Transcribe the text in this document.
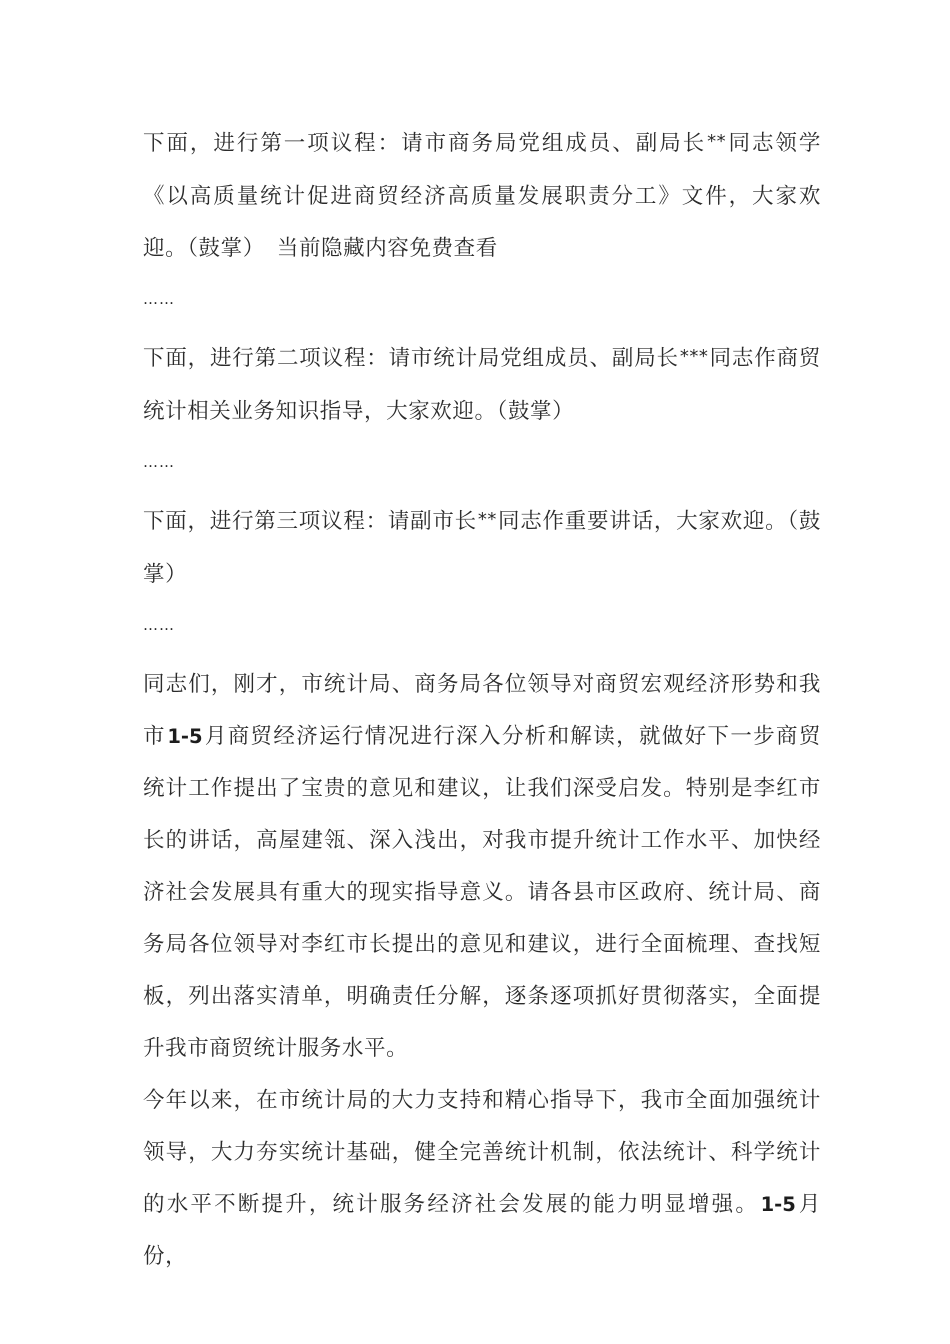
下面，进行第一项议程：请市商务局党组成员、副局长**同志领学《以高质量统计促进商贸经济高质量发展职责分工》文件，大家欢迎。（鼓掌） 当前隐藏内容免费查看

……

下面，进行第二项议程：请市统计局党组成员、副局长***同志作商贸统计相关业务知识指导，大家欢迎。（鼓掌）

……

下面，进行第三项议程：请副市长**同志作重要讲话，大家欢迎。（鼓掌）

……

同志们，刚才，市统计局、商务局各位领导对商贸宏观经济形势和我市1-5月商贸经济运行情况进行深入分析和解读，就做好下一步商贸统计工作提出了宝贵的意见和建议，让我们深受启发。特别是李红市长的讲话，高屋建瓴、深入浅出，对我市提升统计工作水平、加快经济社会发展具有重大的现实指导意义。请各县市区政府、统计局、商务局各位领导对李红市长提出的意见和建议，进行全面梳理、查找短板，列出落实清单，明确责任分解，逐条逐项抓好贯彻落实，全面提升我市商贸统计服务水平。

今年以来，在市统计局的大力支持和精心指导下，我市全面加强统计领导，大力夯实统计基础，健全完善统计机制，依法统计、科学统计的水平不断提升，统计服务经济社会发展的能力明显增强。1-5月份，
